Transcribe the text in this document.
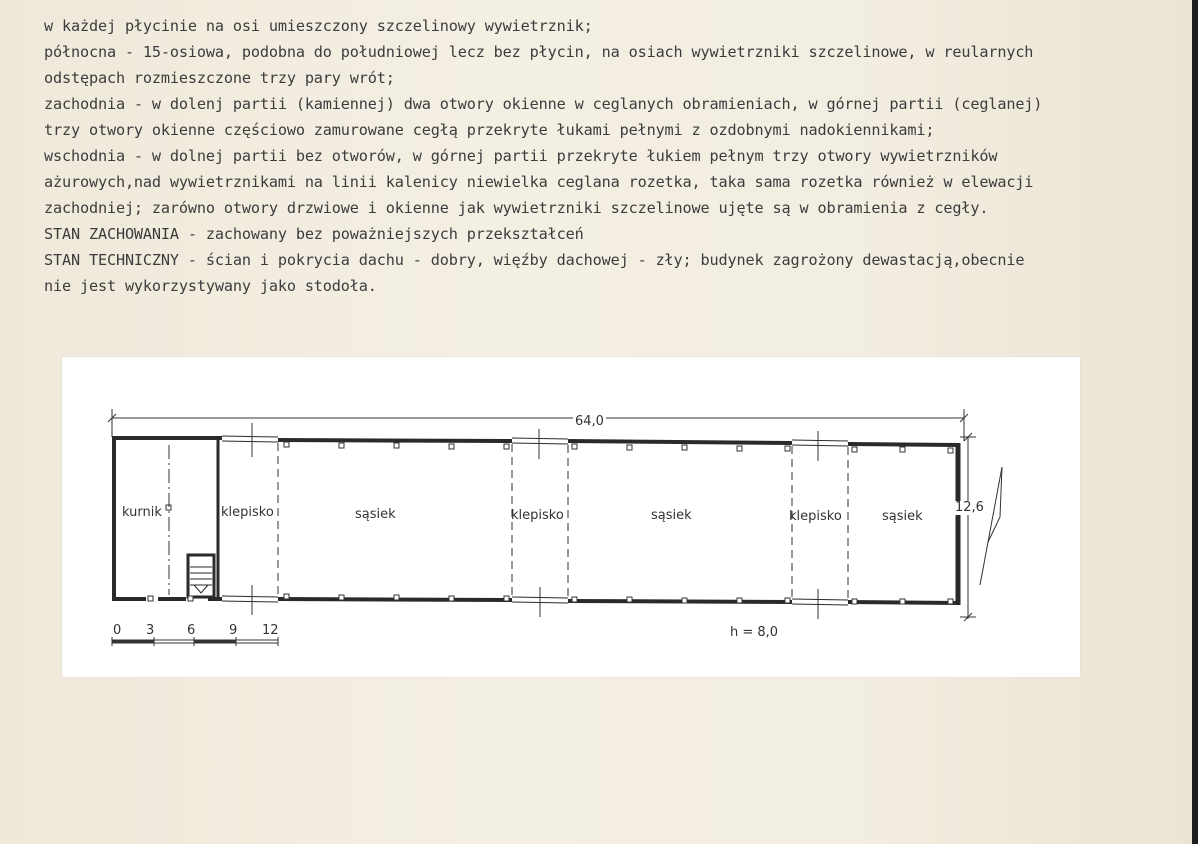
w każdej płycinie na osi umieszczony szczelinowy wywietrznik;
północna - 15-osiowa, podobna do południowej lecz bez płycin, na osiach wywietrzniki szczelinowe, w reularnych
odstępach rozmieszczone trzy pary wrót;
zachodnia - w dolenj partii (kamiennej) dwa otwory okienne w ceglanych obramieniach, w górnej partii (ceglanej)
trzy otwory okienne częściowo zamurowane cegłą przekryte łukami pełnymi z ozdobnymi nadokiennikami;
wschodnia - w dolnej partii bez otworów, w górnej partii przekryte łukiem pełnym trzy otwory wywietrzników
ażurowych,nad wywietrznikami na linii kalenicy niewielka ceglana rozetka, taka sama rozetka również w elewacji
zachodniej; zarówno otwory drzwiowe i okienne jak wywietrzniki szczelinowe ujęte są w obramienia z cegły.
STAN ZACHOWANIA - zachowany bez poważniejszych przekształceń
STAN TECHNICZNY - ścian i pokrycia dachu - dobry, więźby dachowej - zły; budynek zagrożony dewastacją,obecnie
nie jest wykorzystywany jako stodoła.
64,0
12,6
h = 8,0
kurnik	klepisko	sąsiek	klepisko	sąsiek	klepisko	sąsiek
0 3	6	9 12
